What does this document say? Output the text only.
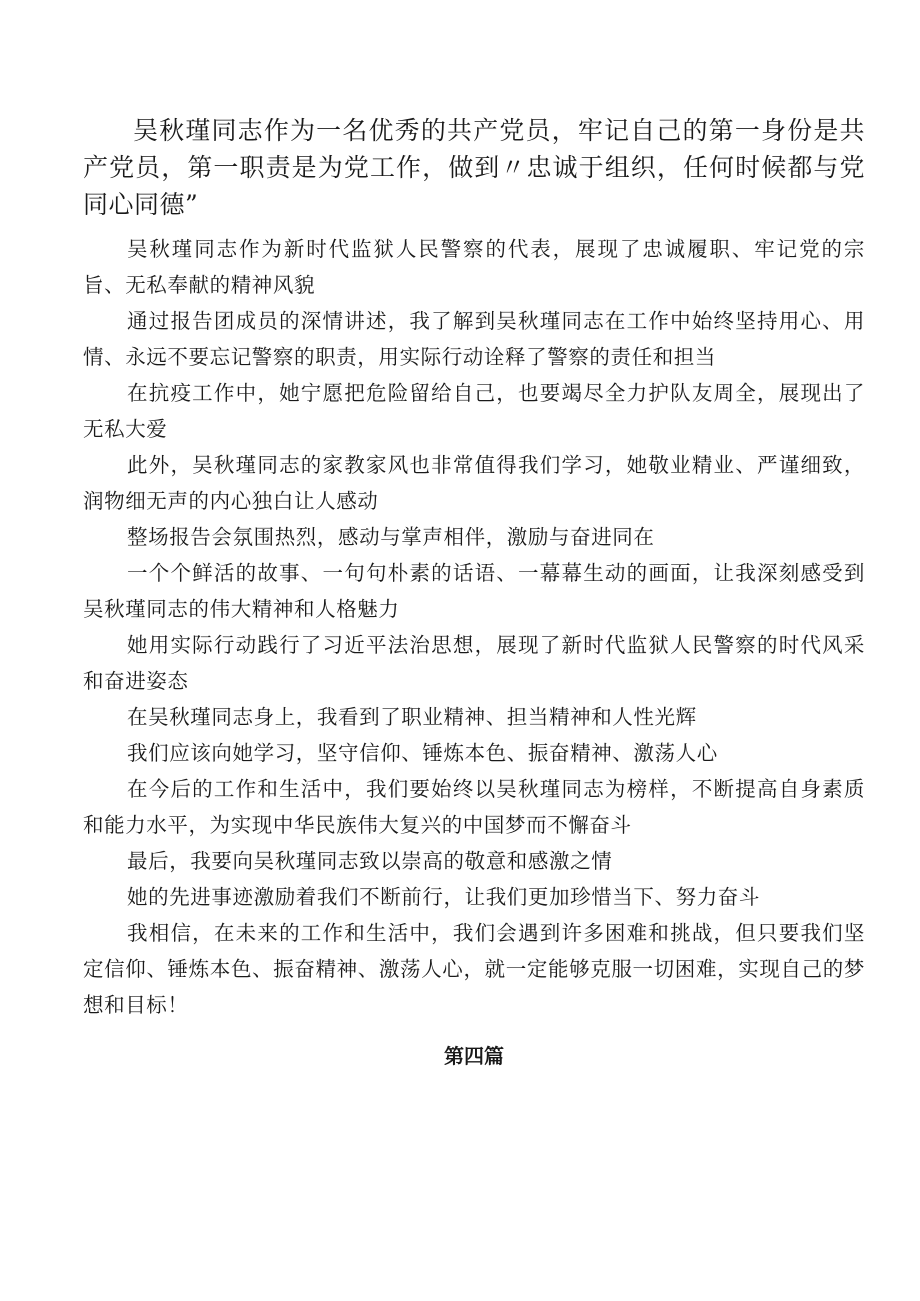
吴秋瑾同志作为一名优秀的共产党员，牢记自己的第一身份是共产党员，第一职责是为党工作，做到〃忠诚于组织，任何时候都与党同心同德”

吴秋瑾同志作为新时代监狱人民警察的代表，展现了忠诚履职、牢记党的宗旨、无私奉献的精神风貌

通过报告团成员的深情讲述，我了解到吴秋瑾同志在工作中始终坚持用心、用情、永远不要忘记警察的职责，用实际行动诠释了警察的责任和担当

在抗疫工作中，她宁愿把危险留给自己，也要竭尽全力护队友周全，展现出了无私大爱

此外，吴秋瑾同志的家教家风也非常值得我们学习，她敬业精业、严谨细致，润物细无声的内心独白让人感动

整场报告会氛围热烈，感动与掌声相伴，激励与奋进同在

一个个鲜活的故事、一句句朴素的话语、一幕幕生动的画面，让我深刻感受到吴秋瑾同志的伟大精神和人格魅力

她用实际行动践行了习近平法治思想，展现了新时代监狱人民警察的时代风采和奋进姿态

在吴秋瑾同志身上，我看到了职业精神、担当精神和人性光辉

我们应该向她学习，坚守信仰、锤炼本色、振奋精神、激荡人心

在今后的工作和生活中，我们要始终以吴秋瑾同志为榜样，不断提高自身素质和能力水平，为实现中华民族伟大复兴的中国梦而不懈奋斗

最后，我要向吴秋瑾同志致以崇高的敬意和感激之情

她的先进事迹激励着我们不断前行，让我们更加珍惜当下、努力奋斗

我相信，在未来的工作和生活中，我们会遇到许多困难和挑战，但只要我们坚定信仰、锤炼本色、振奋精神、激荡人心，就一定能够克服一切困难，实现自己的梦想和目标！

第四篇
